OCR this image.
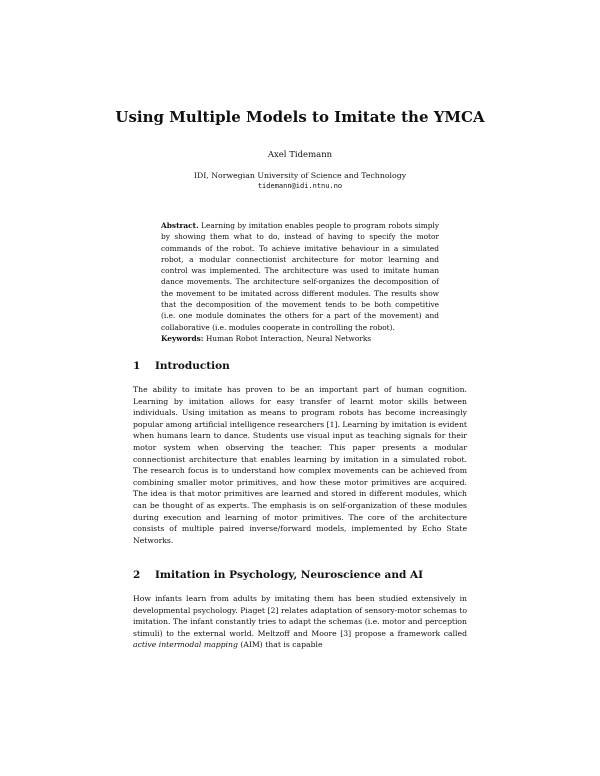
Using Multiple Models to Imitate the YMCA
Axel Tidemann
IDI, Norwegian University of Science and Technology
tidemann@idi.ntnu.no
Abstract. Learning by imitation enables people to program robots simply by showing them what to do, instead of having to specify the motor commands of the robot. To achieve imitative behaviour in a simulated robot, a modular connectionist architecture for motor learning and control was implemented. The architecture was used to imitate human dance movements. The architecture self-organizes the decomposition of the movement to be imitated across different modules. The results show that the decomposition of the movement tends to be both competitive (i.e. one module dominates the others for a part of the movement) and collaborative (i.e. modules cooperate in controlling the robot).
Keywords: Human Robot Interaction, Neural Networks
1 Introduction
The ability to imitate has proven to be an important part of human cognition. Learning by imitation allows for easy transfer of learnt motor skills between individuals. Using imitation as means to program robots has become increasingly popular among artificial intelligence researchers [1]. Learning by imitation is evident when humans learn to dance. Students use visual input as teaching signals for their motor system when observing the teacher. This paper presents a modular connectionist architecture that enables learning by imitation in a simulated robot. The research focus is to understand how complex movements can be achieved from combining smaller motor primitives, and how these motor primitives are acquired. The idea is that motor primitives are learned and stored in different modules, which can be thought of as experts. The emphasis is on self-organization of these modules during execution and learning of motor primitives. The core of the architecture consists of multiple paired inverse/forward models, implemented by Echo State Networks.
2 Imitation in Psychology, Neuroscience and AI
How infants learn from adults by imitating them has been studied extensively in developmental psychology. Piaget [2] relates adaptation of sensory-motor schemas to imitation. The infant constantly tries to adapt the schemas (i.e. motor and perception stimuli) to the external world. Meltzoff and Moore [3] propose a framework called active intermodal mapping (AIM) that is capable
